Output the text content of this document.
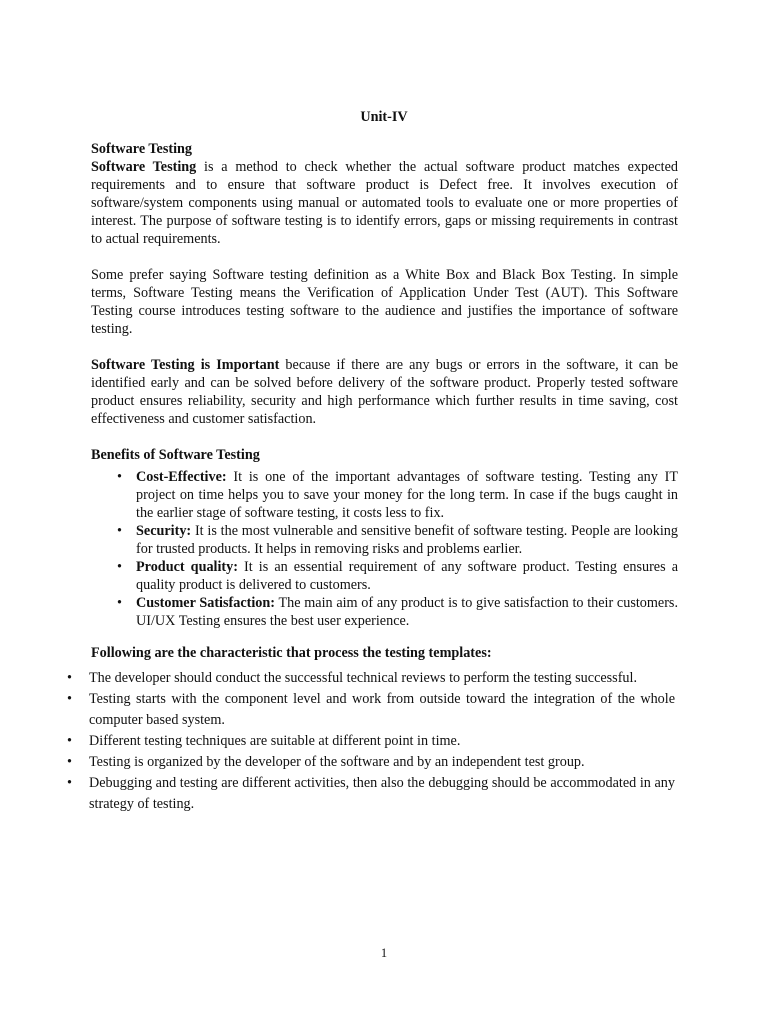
Unit-IV
Software Testing

Software Testing is a method to check whether the actual software product matches expected requirements and to ensure that software product is Defect free. It involves execution of software/system components using manual or automated tools to evaluate one or more properties of interest. The purpose of software testing is to identify errors, gaps or missing requirements in contrast to actual requirements.

Some prefer saying Software testing definition as a White Box and Black Box Testing. In simple terms, Software Testing means the Verification of Application Under Test (AUT). This Software Testing course introduces testing software to the audience and justifies the importance of software testing.

Software Testing is Important because if there are any bugs or errors in the software, it can be identified early and can be solved before delivery of the software product. Properly tested software product ensures reliability, security and high performance which further results in time saving, cost effectiveness and customer satisfaction.

Benefits of Software Testing
• Cost-Effective: It is one of the important advantages of software testing. Testing any IT project on time helps you to save your money for the long term. In case if the bugs caught in the earlier stage of software testing, it costs less to fix.
• Security: It is the most vulnerable and sensitive benefit of software testing. People are looking for trusted products. It helps in removing risks and problems earlier.
• Product quality: It is an essential requirement of any software product. Testing ensures a quality product is delivered to customers.
• Customer Satisfaction: The main aim of any product is to give satisfaction to their customers. UI/UX Testing ensures the best user experience.
Following are the characteristic that process the testing templates:
• The developer should conduct the successful technical reviews to perform the testing successful.
• Testing starts with the component level and work from outside toward the integration of the whole computer based system.
• Different testing techniques are suitable at different point in time.
• Testing is organized by the developer of the software and by an independent test group.
• Debugging and testing are different activities, then also the debugging should be accommodated in any strategy of testing.
1
